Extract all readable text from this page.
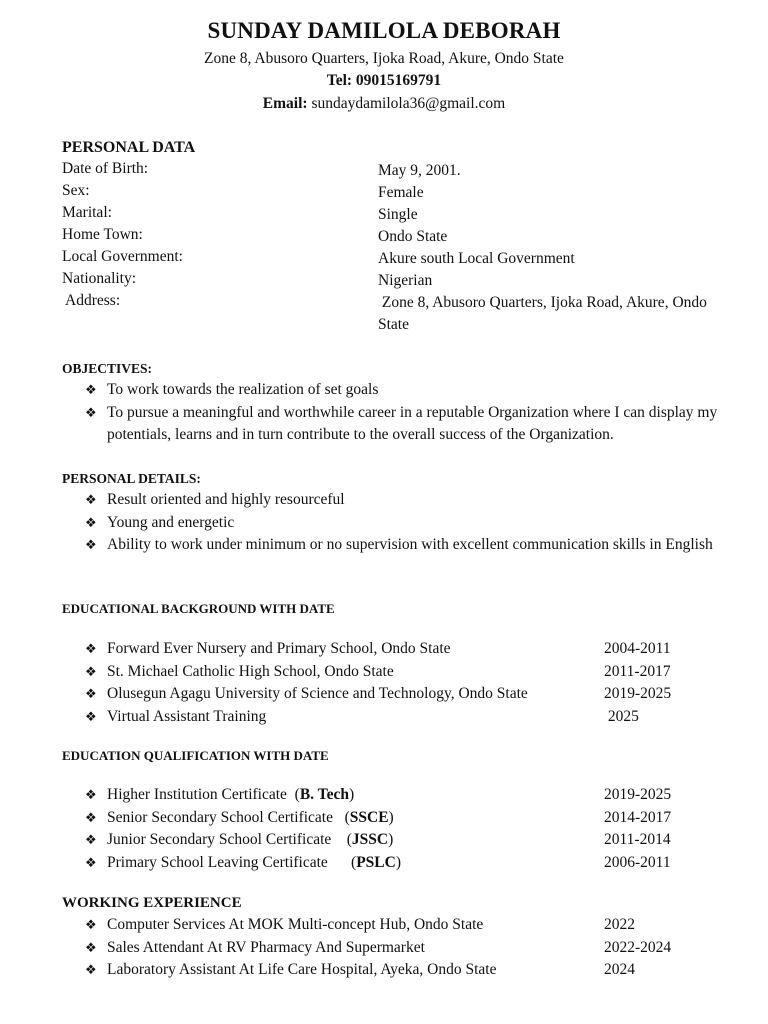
SUNDAY DAMILOLA DEBORAH
Zone 8, Abusoro Quarters, Ijoka Road, Akure, Ondo State
Tel: 09015169791
Email: sundaydamilola36@gmail.com
PERSONAL DATA
Date of Birth:	May 9, 2001.
Sex:	Female
Marital:	Single
Home Town:	Ondo State
Local Government:	Akure south Local Government
Nationality:	Nigerian
Address:	Zone 8, Abusoro Quarters, Ijoka Road, Akure, Ondo State
OBJECTIVES:
❖ To work towards the realization of set goals
❖ To pursue a meaningful and worthwhile career in a reputable Organization where I can display my potentials, learns and in turn contribute to the overall success of the Organization.
PERSONAL DETAILS:
❖ Result oriented and highly resourceful
❖ Young and energetic
❖ Ability to work under minimum or no supervision with excellent communication skills in English
EDUCATIONAL BACKGROUND WITH DATE
❖ Forward Ever Nursery and Primary School, Ondo State	2004-2011
❖ St. Michael Catholic High School, Ondo State	2011-2017
❖ Olusegun Agagu University of Science and Technology, Ondo State	2019-2025
❖ Virtual Assistant Training	2025
EDUCATION QUALIFICATION WITH DATE
❖ Higher Institution Certificate  (B. Tech)	2019-2025
❖ Senior Secondary School Certificate   (SSCE)	2014-2017
❖ Junior Secondary School Certificate    (JSSC)	2011-2014
❖ Primary School Leaving Certificate      (PSLC)	2006-2011
WORKING EXPERIENCE
❖ Computer Services At MOK Multi-concept Hub, Ondo State	2022
❖ Sales Attendant At RV Pharmacy And Supermarket	2022-2024
❖ Laboratory Assistant At Life Care Hospital, Ayeka, Ondo State	2024
